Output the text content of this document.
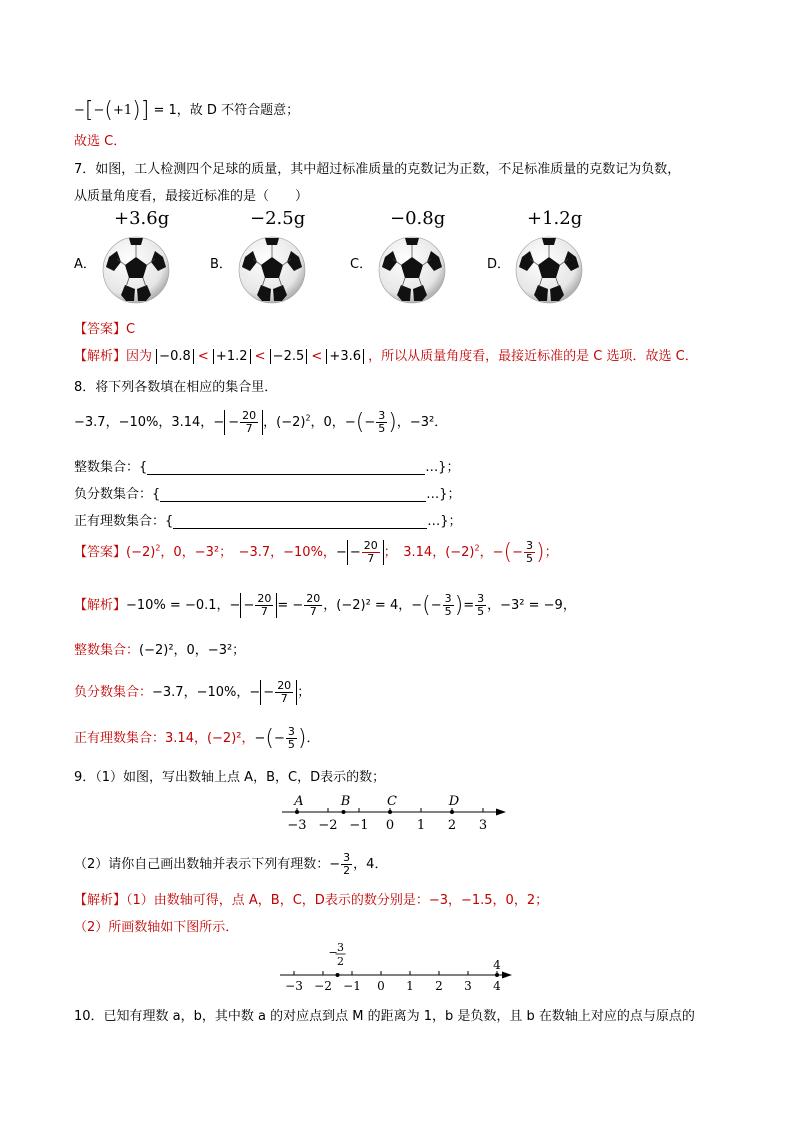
−[−(+1)] = 1，故 D 不符合题意；
故选 C．
7．如图，工人检测四个足球的质量，其中超过标准质量的克数记为正数，不足标准质量的克数记为负数，
从质量角度看，最接近标准的是（　　）
A．
+3.6g
B．
−2.5g
C．
−0.8g
D．
+1.2g
【答案】C
【解析】因为 −0.8 < +1.2 < −2.5 < +3.6 ，所以从质量角度看，最接近标准的是 C 选项．故选 C．
8．将下列各数填在相应的集合里．
−3.7，−10%，3.14，− − $\frac{20}{7}$ ，$(-2)^2$，0，−(− $\frac{3}{5}$ )，−3²．
整数集合：{	…}；
负分数集合：{	…}；
正有理数集合：{	…}；
【答案】$(-2)^2$，0，−3²；　−3.7，−10%，− − $\frac{20}{7}$ ；　3.14，$(-2)^2$，−(− $\frac{3}{5}$ )；
【解析】−10% = −0.1，− − $\frac{20}{7}$ = − $\frac{20}{7}$ ，(−2)² = 4，−(− $\frac{3}{5}$ )= $\frac{3}{5}$ ，−3² = −9，
整数集合：(−2)²，0，−3²；
负分数集合：−3.7，−10%，− − $\frac{20}{7}$ ；
正有理数集合：3.14，(−2)²，−(− $\frac{3}{5}$ )．
9．（1）如图，写出数轴上点 A，B，C，D表示的数；
−3 −2 −1 0 1 2 3
A	B	C	D
（2）请你自己画出数轴并表示下列有理数：− $\frac{3}{2}$ ，4．
【解析】（1）由数轴可得，点 A，B，C，D表示的数分别是：−3，−1.5，0，2；
（2）所画数轴如下图所示．
−3 −2 −1 0 1 2 3 4
− 3
2	4
10．已知有理数 a，b，其中数 a 的对应点到点 M 的距离为 1，b 是负数，且 b 在数轴上对应的点与原点的
